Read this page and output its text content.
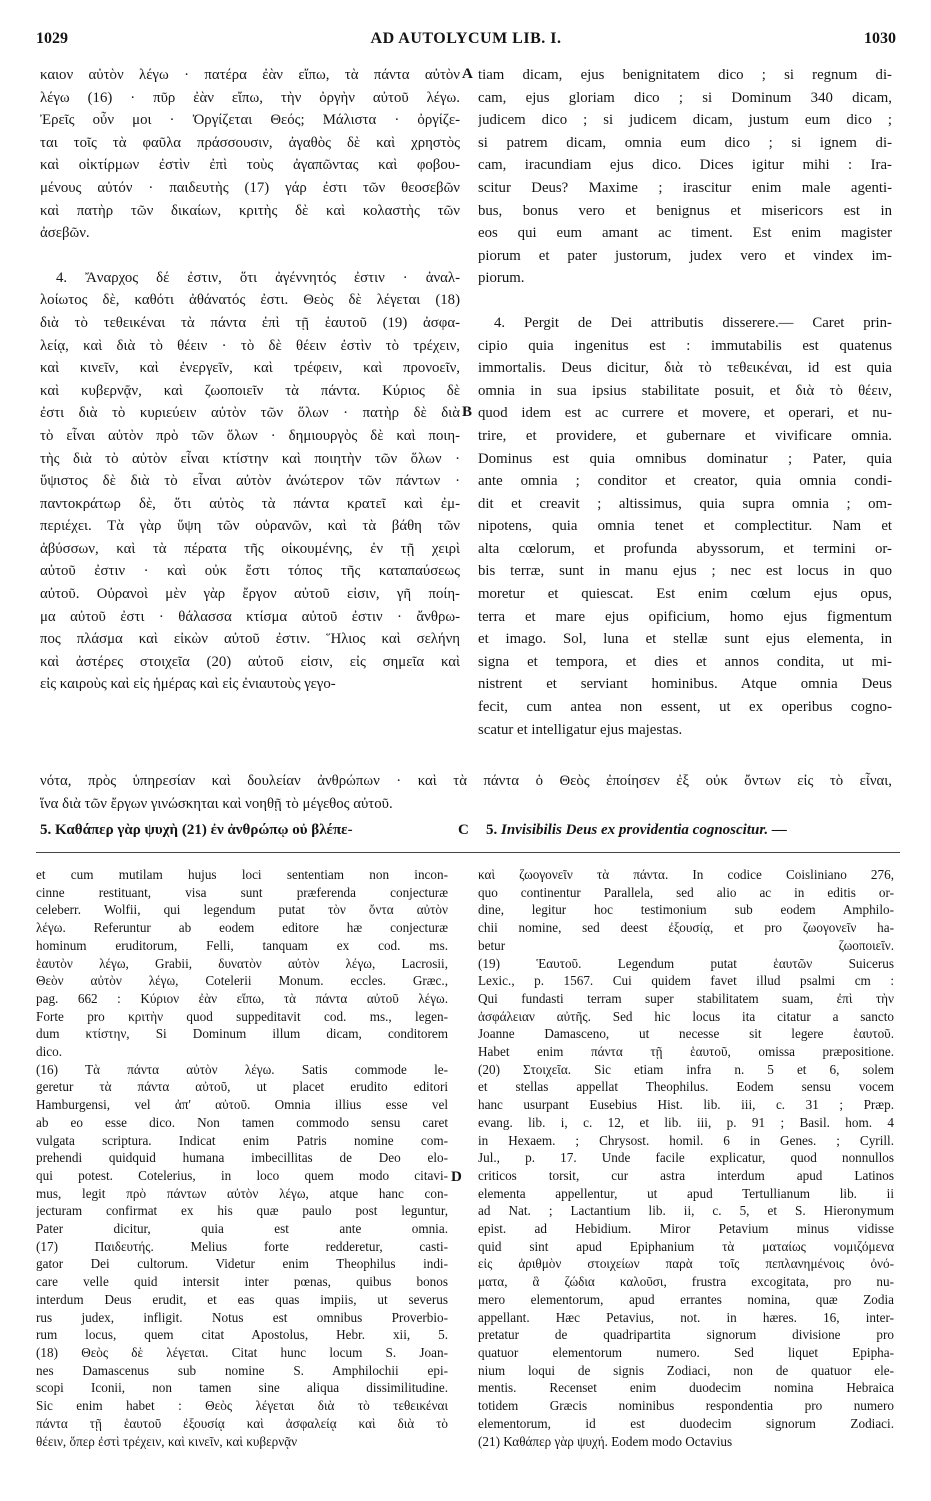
1029	AD AUTOLYCUM LIB. I.	1030
καιον αὐτὸν λέγω · πατέρα ἐὰν εἴπω, τὰ πάντα αὐτὸν
λέγω (16) · πῦρ ἐὰν εἴπω, τὴν ὀργὴν αὐτοῦ λέγω.
Ἐρεῖς οὖν μοι · Ὀργίζεται Θεός; Μάλιστα · ὀργίζε-
ται τοῖς τὰ φαῦλα πράσσουσιν, ἀγαθὸς δὲ καὶ χρηστὸς
καὶ οἰκτίρμων ἐστὶν ἐπὶ τοὺς ἀγαπῶντας καὶ φοβου-
μένους αὐτόν · παιδευτὴς (17) γάρ ἐστι τῶν θεοσεβῶν
καὶ πατὴρ τῶν δικαίων, κριτὴς δὲ καὶ κολαστὴς τῶν
ἀσεβῶν.
4. Ἄναρχος δέ ἐστιν, ὅτι ἀγέννητός ἐστιν · ἀναλ-
λοίωτος δὲ, καθότι ἀθάνατός ἐστι. Θεὸς δὲ λέγεται (18)
διὰ τὸ τεθεικέναι τὰ πάντα ἐπὶ τῇ ἑαυτοῦ (19) ἀσφα-
λείᾳ, καὶ διὰ τὸ θέειν · τὸ δὲ θέειν ἐστὶν τὸ τρέχειν,
καὶ κινεῖν, καὶ ἐνεργεῖν, καὶ τρέφειν, καὶ προνοεῖν,
καὶ κυβερνᾷν, καὶ ζωοποιεῖν τὰ πάντα. Κύριος δὲ
ἐστι διὰ τὸ κυριεύειν αὐτὸν τῶν ὅλων · πατὴρ δὲ διὰ
τὸ εἶναι αὐτὸν πρὸ τῶν ὅλων · δημιουργὸς δὲ καὶ ποιη-
τὴς διὰ τὸ αὐτὸν εἶναι κτίστην καὶ ποιητὴν τῶν ὅλων ·
ὕψιστος δὲ διὰ τὸ εἶναι αὐτὸν ἀνώτερον τῶν πάντων ·
παντοκράτωρ δὲ, ὅτι αὐτὸς τὰ πάντα κρατεῖ καὶ ἐμ-
περιέχει. Τὰ γὰρ ὕψη τῶν οὐρανῶν, καὶ τὰ βάθη τῶν
ἀβύσσων, καὶ τὰ πέρατα τῆς οἰκουμένης, ἐν τῇ χειρὶ
αὐτοῦ ἐστιν · καὶ οὐκ ἔστι τόπος τῆς καταπαύσεως
αὐτοῦ. Οὐρανοὶ μὲν γὰρ ἔργον αὐτοῦ εἰσιν, γῆ ποίη-
μα αὐτοῦ ἐστι · θάλασσα κτίσμα αὐτοῦ ἐστιν · ἄνθρω-
πος πλάσμα καὶ εἰκὼν αὐτοῦ ἐστιν. Ἥλιος καὶ σελήνη
καὶ ἀστέρες στοιχεῖα (20) αὐτοῦ εἰσιν, εἰς σημεῖα καὶ
εἰς καιροὺς καὶ εἰς ἡμέρας καὶ εἰς ἐνιαυτοὺς γεγο-
tiam dicam, ejus benignitatem dico ; si regnum di-
cam, ejus gloriam dico ; si Dominum 340 dicam,
judicem dico ; si judicem dicam, justum eum dico ;
si patrem dicam, omnia eum dico ; si ignem di-
cam, iracundiam ejus dico. Dices igitur mihi : Ira-
scitur Deus? Maxime ; irascitur enim male agenti-
bus, bonus vero et benignus et misericors est in
eos qui eum amant ac timent. Est enim magister
piorum et pater justorum, judex vero et vindex im-
piorum.
4. Pergit de Dei attributis disserere.— Caret prin-
cipio quia ingenitus est : immutabilis est quatenus
immortalis. Deus dicitur, διὰ τὸ τεθεικέναι, id est quia
omnia in sua ipsius stabilitate posuit, et διὰ τὸ θέειν,
quod idem est ac currere et movere, et operari, et nu-
trire, et providere, et gubernare et vivificare omnia.
Dominus est quia omnibus dominatur ; Pater, quia
ante omnia ; conditor et creator, quia omnia condi-
dit et creavit ; altissimus, quia supra omnia ; om-
nipotens, quia omnia tenet et complectitur. Nam et
alta cœlorum, et profunda abyssorum, et termini or-
bis terræ, sunt in manu ejus ; nec est locus in quo
moretur et quiescat. Est enim cœlum ejus opus,
terra et mare ejus opificium, homo ejus figmentum
et imago. Sol, luna et stellæ sunt ejus elementa, in
signa et tempora, et dies et annos condita, ut mi-
nistrent et serviant hominibus. Atque omnia Deus
fecit, cum antea non essent, ut ex operibus cogno-
scatur et intelligatur ejus majestas.
A
B
C
D
νότα, πρὸς ὑπηρεσίαν καὶ δουλείαν ἀνθρώπων · καὶ τὰ πάντα ὁ Θεὸς ἐποίησεν ἐξ οὐκ ὄντων εἰς τὸ εἶναι,
ἵνα διὰ τῶν ἔργων γινώσκηται καὶ νοηθῇ τὸ μέγεθος αὐτοῦ.
5. Καθάπερ γὰρ ψυχὴ (21) ἐν ἀνθρώπῳ οὐ βλέπε-	5. Invisibilis Deus ex providentia cognoscitur. —
et cum mutilam hujus loci sententiam non incon-
cinne restituant, visa sunt præferenda conjecturæ
celeberr. Wolfii, qui legendum putat τὸν ὄντα αὐτὸν
λέγω. Referuntur ab eodem editore hæ conjecturæ
hominum eruditorum, Felli, tanquam ex cod. ms.
ἑαυτὸν λέγω, Grabii, δυνατὸν αὐτὸν λέγω, Lacrosii,
Θεὸν αὐτὸν λέγω, Cotelerii Monum. eccles. Græc.,
pag. 662 : Κύριον ἐὰν εἴπω, τὰ πάντα αὐτοῦ λέγω.
Forte pro κριτὴν quod suppeditavit cod. ms., legen-
dum κτίστην, Si Dominum illum dicam, conditorem
dico.
(16) Τὰ πάντα αὐτὸν λέγω. Satis commode le-
geretur τὰ πάντα αὐτοῦ, ut placet erudito editori
Hamburgensi, vel ἀπ' αὐτοῦ. Omnia illius esse vel
ab eo esse dico. Non tamen commodo sensu caret
vulgata scriptura. Indicat enim Patris nomine com-
prehendi quidquid humana imbecillitas de Deo elo-
qui potest. Cotelerius, in loco quem modo citavi-
mus, legit πρὸ πάντων αὐτὸν λέγω, atque hanc con-
jecturam confirmat ex his quæ paulo post leguntur,
Pater dicitur, quia est ante omnia.
(17) Παιδευτής. Melius forte redderetur, casti-
gator Dei cultorum. Videtur enim Theophilus indi-
care velle quid intersit inter pœnas, quibus bonos
interdum Deus erudit, et eas quas impiis, ut severus
rus judex, infligit. Notus est omnibus Proverbio-
rum locus, quem citat Apostolus, Hebr. xii, 5.
(18) Θεὸς δὲ λέγεται. Citat hunc locum S. Joan-
nes Damascenus sub nomine S. Amphilochii epi-
scopi Iconii, non tamen sine aliqua dissimilitudine.
Sic enim habet : Θεὸς λέγεται διὰ τὸ τεθεικέναι
πάντα τῇ ἑαυτοῦ ἐξουσίᾳ καὶ ἀσφαλείᾳ καὶ διὰ τὸ
θέειν, ὅπερ ἐστὶ τρέχειν, καὶ κινεῖν, καὶ κυβερνᾷν
καὶ ζωογονεῖν τὰ πάντα. In codice Coisliniano 276,
quo continentur Parallela, sed alio ac in editis or-
dine, legitur hoc testimonium sub eodem Amphilo-
chii nomine, sed deest ἐξουσίᾳ, et pro ζωογονεῖν ha-
betur ζωοποιεῖν.
(19) Ἑαυτοῦ. Legendum putat ἑαυτῶν Suicerus
Lexic., p. 1567. Cui quidem favet illud psalmi cm :
Qui fundasti terram super stabilitatem suam, ἐπὶ τὴν
ἀσφάλειαν αὐτῆς. Sed hic locus ita citatur a sancto
Joanne Damasceno, ut necesse sit legere ἑαυτοῦ.
Habet enim πάντα τῇ ἑαυτοῦ, omissa præpositione.
(20) Στοιχεῖα. Sic etiam infra n. 5 et 6, solem
et stellas appellat Theophilus. Eodem sensu vocem
hanc usurpant Eusebius Hist. lib. iii, c. 31 ; Præp.
evang. lib. i, c. 12, et lib. iii, p. 91 ; Basil. hom. 4
in Hexaem. ; Chrysost. homil. 6 in Genes. ; Cyrill.
Jul., p. 17. Unde facile explicatur, quod nonnullos
criticos torsit, cur astra interdum apud Latinos
elementa appellentur, ut apud Tertullianum lib. ii
ad Nat. ; Lactantium lib. ii, c. 5, et S. Hieronymum
epist. ad Hebidium. Miror Petavium minus vidisse
quid sint apud Epiphanium τὰ ματαίως νομιζόμενα
εἰς ἀριθμὸν στοιχείων παρὰ τοῖς πεπλανημένοις ὀνό-
ματα, ἃ ζώδια καλοῦσι, frustra excogitata, pro nu-
mero elementorum, apud errantes nomina, quæ Zodia
appellant. Hæc Petavius, not. in hæres. 16, inter-
pretatur de quadripartita signorum divisione pro
quatuor elementorum numero. Sed liquet Epipha-
nium loqui de signis Zodiaci, non de quatuor ele-
mentis. Recenset enim duodecim nomina Hebraica
totidem Græcis nominibus respondentia pro numero
elementorum, id est duodecim signorum Zodiaci.
(21) Καθάπερ γὰρ ψυχή. Eodem modo Octavius
